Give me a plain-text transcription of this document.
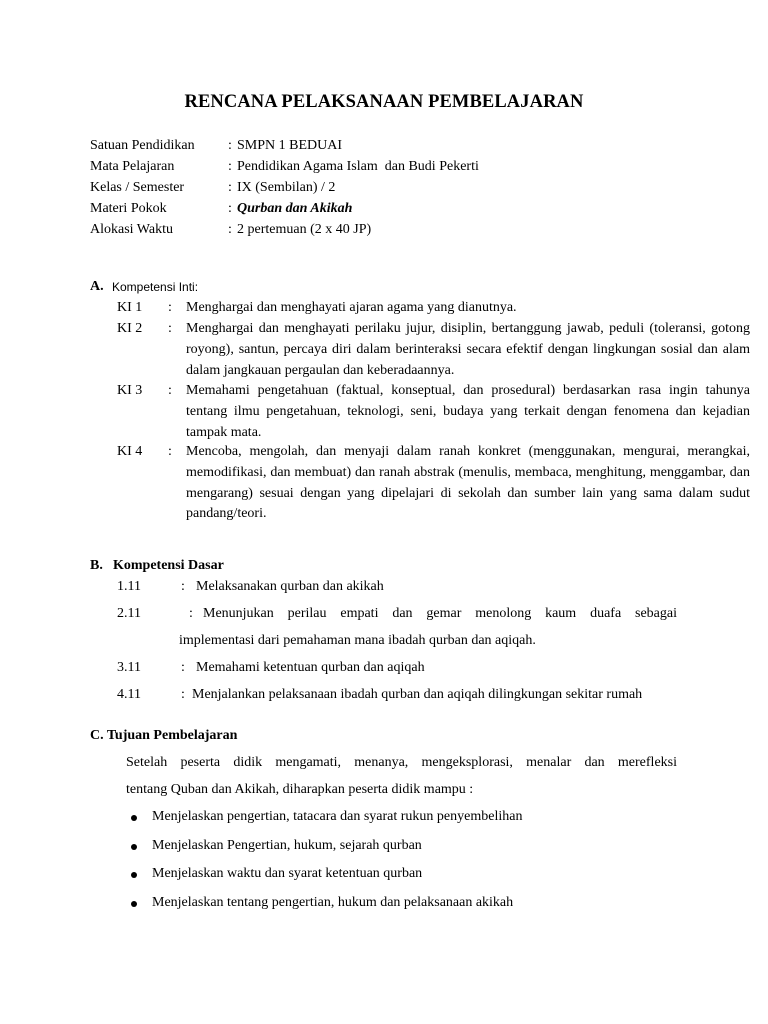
RENCANA PELAKSANAAN PEMBELAJARAN
Satuan Pendidikan : SMPN 1 BEDUAI
Mata Pelajaran	: Pendidikan Agama Islam  dan Budi Pekerti
Kelas / Semester	: IX (Sembilan) / 2
Materi Pokok	: Qurban dan Akikah
Alokasi Waktu	: 2 pertemuan (2 x 40 JP)
A. Kompetensi Inti:
KI 1 : Menghargai dan menghayati ajaran agama yang dianutnya.
KI 2 : Menghargai dan menghayati perilaku jujur, disiplin, bertanggung jawab, peduli (toleransi, gotong royong), santun, percaya diri dalam berinteraksi secara efektif dengan lingkungan sosial dan alam dalam jangkauan pergaulan dan keberadaannya.
KI 3 : Memahami pengetahuan (faktual, konseptual, dan prosedural) berdasarkan rasa ingin tahunya tentang ilmu pengetahuan, teknologi, seni, budaya yang terkait dengan fenomena dan kejadian tampak mata.
KI 4 : Mencoba, mengolah, dan menyaji dalam ranah konkret (menggunakan, mengurai, merangkai, memodifikasi, dan membuat) dan ranah abstrak (menulis, membaca, menghitung, menggambar, dan mengarang) sesuai dengan yang dipelajari di sekolah dan sumber lain yang sama dalam sudut pandang/teori.
B. Kompetensi Dasar
1.11	: Melaksanakan qurban dan akikah
2.11	: Menunjukan perilau empati dan gemar menolong kaum duafa sebagai
implementasi dari pemahaman mana ibadah qurban dan aqiqah.
3.11	: Memahami ketentuan qurban dan aqiqah
4.11	: Menjalankan pelaksanaan ibadah qurban dan aqiqah dilingkungan sekitar rumah
C. Tujuan Pembelajaran
Setelah peserta didik mengamati, menanya, mengeksplorasi, menalar dan merefleksi
tentang Quban dan Akikah, diharapkan peserta didik mampu :
Menjelaskan pengertian, tatacara dan syarat rukun penyembelihan
Menjelaskan Pengertian, hukum, sejarah qurban
Menjelaskan waktu dan syarat ketentuan qurban
Menjelaskan tentang pengertian, hukum dan pelaksanaan akikah
